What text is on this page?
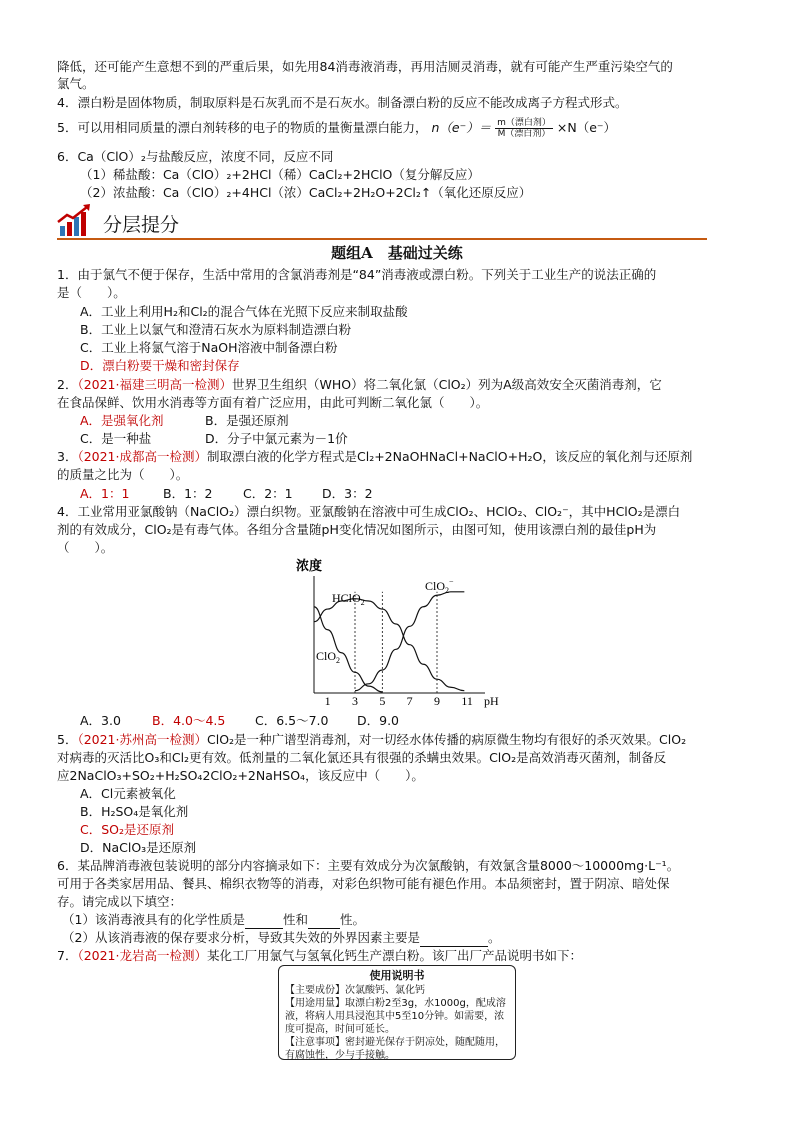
降低，还可能产生意想不到的严重后果，如先用84消毒液消毒，再用洁厕灵消毒，就有可能产生严重污染空气的
氯气。
4．漂白粉是固体物质，制取原料是石灰乳而不是石灰水。制备漂白粉的反应不能改成离子方程式形式。
5．可以用相同质量的漂白剂转移的电子的物质的量衡量漂白能力， $n(e^-)= \frac{\text{m（漂白剂）}}{\text{M（漂白剂）}} \times N(e^-)$
6．Ca（ClO）₂与盐酸反应，浓度不同，反应不同
（1）稀盐酸：Ca（ClO）₂+2HCl（稀）CaCl₂+2HClO（复分解反应）
（2）浓盐酸：Ca（ClO）₂+4HCl（浓）CaCl₂+2H₂O+2Cl₂↑（氧化还原反应）
分层提分
题组A　基础过关练
1．由于氯气不便于保存，生活中常用的含氯消毒剂是“84”消毒液或漂白粉。下列关于工业生产的说法正确的
是（　　）。
A．工业上利用H₂和Cl₂的混合气体在光照下反应来制取盐酸
B．工业上以氯气和澄清石灰水为原料制造漂白粉
C．工业上将氯气溶于NaOH溶液中制备漂白粉
D．漂白粉要干燥和密封保存
2．（2021·福建三明高一检测）世界卫生组织（WHO）将二氧化氯（ClO₂）列为A级高效安全灭菌消毒剂，它
在食品保鲜、饮用水消毒等方面有着广泛应用，由此可判断二氧化氯（　　）。
A．是强氧化剂	B．是强还原剂
C．是一种盐	D．分子中氯元素为－1价
3．（2021·成都高一检测）制取漂白液的化学方程式是Cl₂+2NaOHNaCl+NaClO+H₂O，该反应的氧化剂与还原剂
的质量之比为（　　）。
A．1：1	B．1：2 C．2：1 D．3：2
4．工业常用亚氯酸钠（NaClO₂）漂白织物。亚氯酸钠在溶液中可生成ClO₂、HClO₂、ClO₂⁻，其中HClO₂是漂白
剂的有效成分，ClO₂是有毒气体。各组分含量随pH变化情况如图所示，由图可知，使用该漂白剂的最佳pH为
（　　）。
浓度
1 3 5 7 9 11
HClO$_2$
ClO$_2$−
ClO$_2$
pH
A．3.0 B．4.0～4.5 C．6.5～7.0 D．9.0
5．（2021·苏州高一检测）ClO₂是一种广谱型消毒剂，对一切经水体传播的病原微生物均有很好的杀灭效果。ClO₂
对病毒的灭活比O₃和Cl₂更有效。低剂量的二氧化氯还具有很强的杀螨虫效果。ClO₂是高效消毒灭菌剂，制备反
应2NaClO₃+SO₂+H₂SO₄2ClO₂+2NaHSO₄，该反应中（　　）。
A．Cl元素被氧化
B．H₂SO₄是氧化剂
C．SO₂是还原剂
D．NaClO₃是还原剂
6．某品牌消毒液包装说明的部分内容摘录如下：主要有效成分为次氯酸钠，有效氯含量8000～10000mg·L⁻¹。
可用于各类家居用品、餐具、棉织衣物等的消毒，对彩色织物可能有褪色作用。本品须密封，置于阴凉、暗处保
存。请完成以下填空：
（1）该消毒液具有的化学性质是	性和	性。
（2）从该消毒液的保存要求分析，导致其失效的外界因素主要是	。
7．（2021·龙岩高一检测）某化工厂用氯气与氢氧化钙生产漂白粉。该厂出厂产品说明书如下：
使用说明书

【主要成份】次氯酸钙、氯化钙

【用途用量】取漂白粉2至3g，水1000g，配成溶液，将病人用具浸泡其中5至10分钟。如需要，浓度可提高，时间可延长。

【注意事项】密封避光保存于阴凉处，随配随用，有腐蚀性，少与手接触。
